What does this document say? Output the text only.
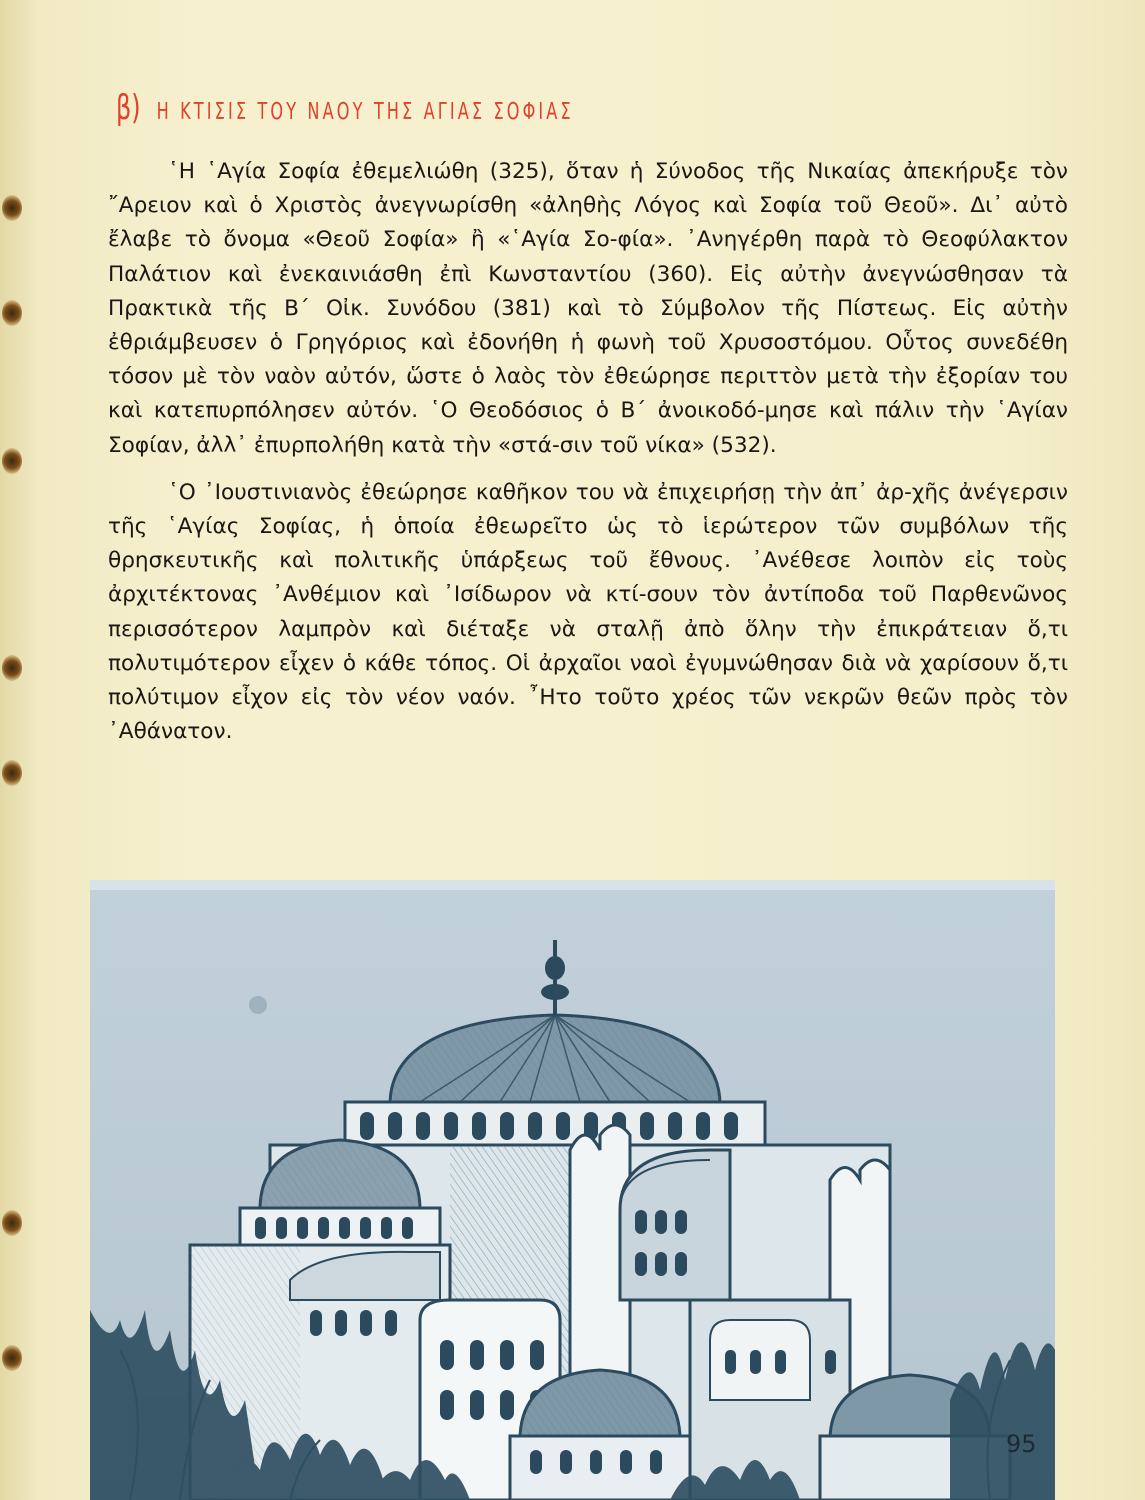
β) Η ΚΤΙΣΙΣ ΤΟΥ ΝΑΟΥ ΤΗΣ ΑΓΙΑΣ ΣΟΦΙΑΣ

῾Η ῾Αγία Σοφία ἐθεμελιώθη (325), ὅταν ἡ Σύνοδος τῆς Νικαίας ἀπεκήρυξε τὸν ῎Αρειον καὶ ὁ Χριστὸς ἀνεγνωρίσθη «ἀληθὴς Λόγος καὶ Σοφία τοῦ Θεοῦ». Δι᾿ αὐτὸ ἔλαβε τὸ ὄνομα «Θεοῦ Σοφία» ἢ «῾Αγία Σο-φία». ᾿Ανηγέρθη παρὰ τὸ Θεοφύλακτον Παλάτιον καὶ ἐνεκαινιάσθη ἐπὶ Κωνσταντίου (360). Εἰς αὐτὴν ἀνεγνώσθησαν τὰ Πρακτικὰ τῆς Β΄ Οἰκ. Συνόδου (381) καὶ τὸ Σύμβολον τῆς Πίστεως. Εἰς αὐτὴν ἐθριάμβευσεν ὁ Γρηγόριος καὶ ἐδονήθη ἡ φωνὴ τοῦ Χρυσοστόμου. Οὗτος συνεδέθη τόσον μὲ τὸν ναὸν αὐτόν, ὥστε ὁ λαὸς τὸν ἐθεώρησε περιττὸν μετὰ τὴν ἐξορίαν του καὶ κατεπυρπόλησεν αὐτόν. ῾Ο Θεοδόσιος ὁ Β΄ ἀνοικοδό-μησε καὶ πάλιν τὴν ῾Αγίαν Σοφίαν, ἀλλ᾿ ἐπυρπολήθη κατὰ τὴν «στά-σιν τοῦ νίκα» (532).

῾Ο ᾿Ιουστινιανὸς ἐθεώρησε καθῆκον του νὰ ἐπιχειρήσῃ τὴν ἀπ᾿ ἀρ-χῆς ἀνέγερσιν τῆς ῾Αγίας Σοφίας, ἡ ὁποία ἐθεωρεῖτο ὡς τὸ ἱερώτερον τῶν συμβόλων τῆς θρησκευτικῆς καὶ πολιτικῆς ὑπάρξεως τοῦ ἔθνους. ᾿Ανέθεσε λοιπὸν εἰς τοὺς ἀρχιτέκτονας ᾿Ανθέμιον καὶ ᾿Ισίδωρον νὰ κτί-σουν τὸν ἀντίποδα τοῦ Παρθενῶνος περισσότερον λαμπρὸν καὶ διέταξε νὰ σταλῇ ἀπὸ ὅλην τὴν ἐπικράτειαν ὅ,τι πολυτιμότερον εἶχεν ὁ κάθε τόπος. Οἱ ἀρχαῖοι ναοὶ ἐγυμνώθησαν διὰ νὰ χαρίσουν ὅ,τι πολύτιμον εἶχον εἰς τὸν νέον ναόν. ῏Ητο τοῦτο χρέος τῶν νεκρῶν θεῶν πρὸς τὸν ᾿Αθάνατον.

95
